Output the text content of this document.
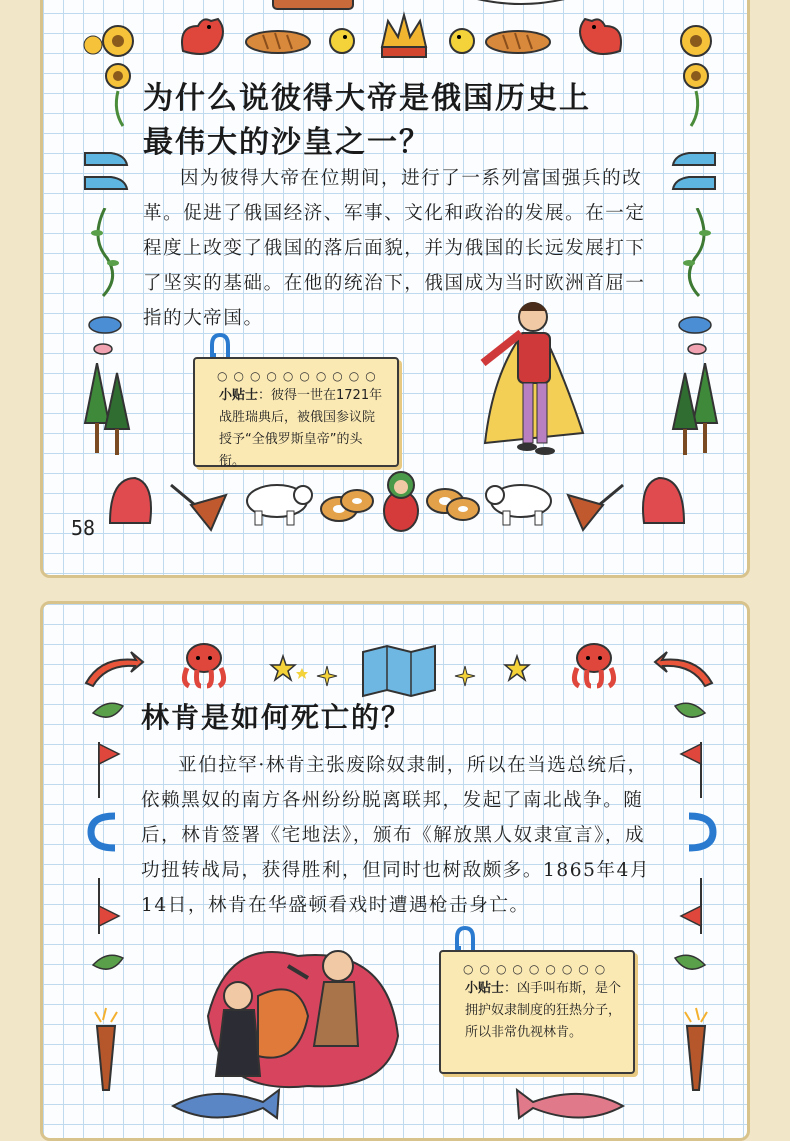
为什么说彼得大帝是俄国历史上
最伟大的沙皇之一？

因为彼得大帝在位期间，进行了一系列富国强兵的改革。促进了俄国经济、军事、文化和政治的发展。在一定程度上改变了俄国的落后面貌，并为俄国的长远发展打下了坚实的基础。在他的统治下，俄国成为当时欧洲首屈一指的大帝国。

○○○○○○○○○○
小贴士：彼得一世在1721年战胜瑞典后，被俄国参议院授予“全俄罗斯皇帝”的头衔。
58
林肯是如何死亡的？

亚伯拉罕·林肯主张废除奴隶制，所以在当选总统后，依赖黑奴的南方各州纷纷脱离联邦，发起了南北战争。随后，林肯签署《宅地法》，颁布《解放黑人奴隶宣言》，成功扭转战局，获得胜利，但同时也树敌颇多。1865年4月14日，林肯在华盛顿看戏时遭遇枪击身亡。

○○○○○○○○○
小贴士：凶手叫布斯，是个拥护奴隶制度的狂热分子，所以非常仇视林肯。
